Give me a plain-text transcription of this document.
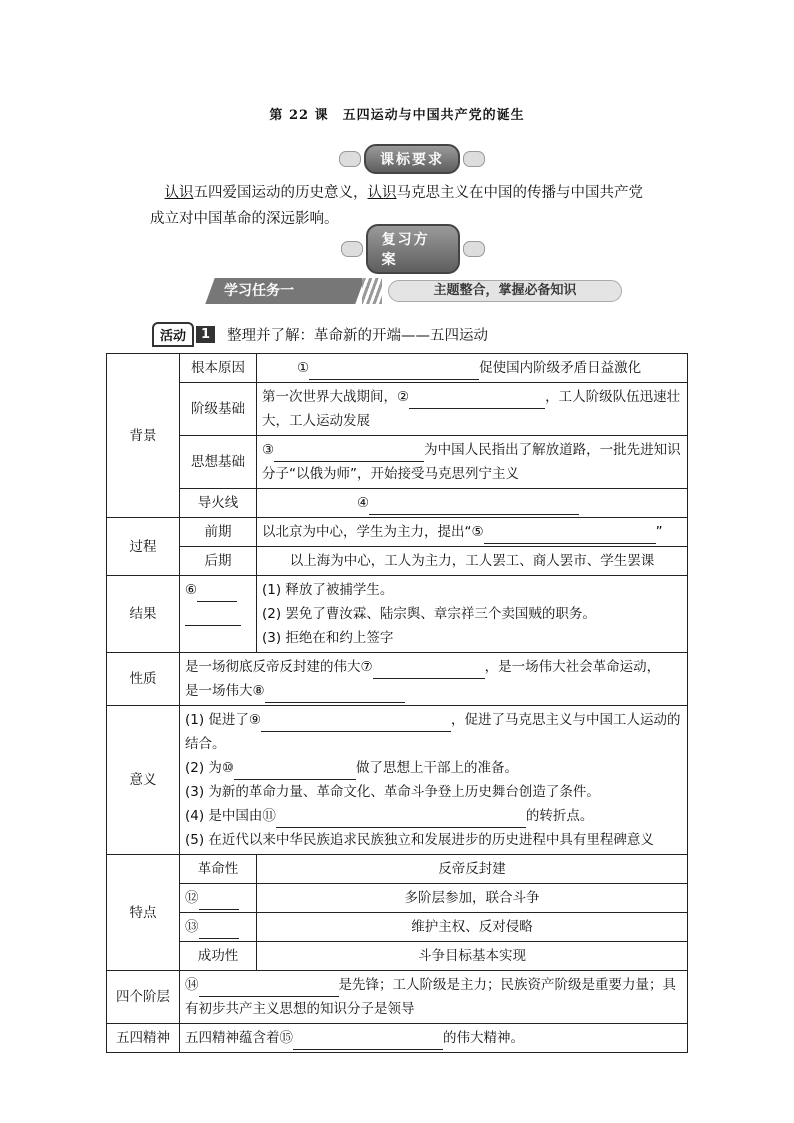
第 22 课　五四运动与中国共产党的诞生
课标要求
　认识五四爱国运动的历史意义，认识马克思主义在中国的传播与中国共产党成立对中国革命的深远影响。
复习方案
学习任务一	主题整合，掌握必备知识
活动	1	整理并了解：革命新的开端——五四运动
背景	根本原因	① 促使国内阶级矛盾日益激化
	阶级基础	第一次世界大战期间，② ，工人阶级队伍迅速壮大，工人运动发展
	思想基础	③ 为中国人民指出了解放道路，一批先进知识分子“以俄为师”，开始接受马克思列宁主义
	导火线	④
过程	前期	以北京为中心，学生为主力，提出“⑤ ”
	后期	以上海为中心，工人为主力，工人罢工、商人罢市、学生罢课
结果	⑥	(1) 释放了被捕学生。
(2) 罢免了曹汝霖、陆宗舆、章宗祥三个卖国贼的职务。
(3) 拒绝在和约上签字

性质	是一场彻底反帝反封建的伟大⑦ ，是一场伟大社会革命运动，
是一场伟大⑧	

意义	(1) 促进了⑨ ，促进了马克思主义与中国工人运动的结合。
(2) 为⑩ 做了思想上干部上的准备。
(3) 为新的革命力量、革命文化、革命斗争登上历史舞台创造了条件。
(4) 是中国由⑪ 的转折点。
(5) 在近代以来中华民族追求民族独立和发展进步的历史进程中具有里程碑意义	

特点	革命性	反帝反封建
	⑫	多阶层参加，联合斗争
	⑬	维护主权、反对侵略
	成功性	斗争目标基本实现
四个阶层	⑭ 是先锋；工人阶级是主力；民族资产阶级是重要力量；具有初步共产主义思想的知识分子是领导	
五四精神	五四精神蕴含着⑮ 的伟大精神。	
